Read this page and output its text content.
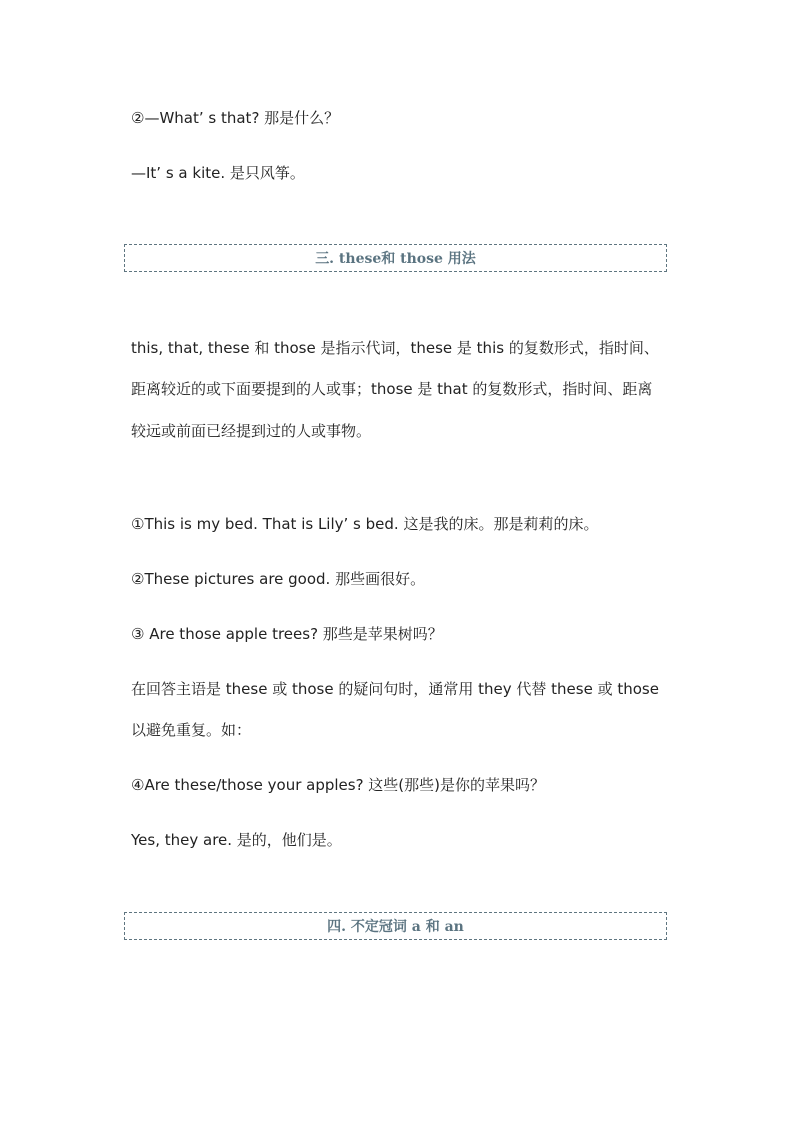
②—What’ s that? 那是什么？
—It’ s a kite. 是只风筝。
三. these和 those 用法
this, that, these 和 those 是指示代词，these 是 this 的复数形式，指时间、
距离较近的或下面要提到的人或事；those 是 that 的复数形式，指时间、距离
较远或前面已经提到过的人或事物。
①This is my bed. That is Lily’ s bed. 这是我的床。那是莉莉的床。
②These pictures are good. 那些画很好。
③ Are those apple trees? 那些是苹果树吗？
在回答主语是 these 或 those 的疑问句时，通常用 they 代替 these 或 those
以避免重复。如：
④Are these/those your apples? 这些(那些)是你的苹果吗？
Yes, they are. 是的，他们是。
四. 不定冠词 a 和 an
